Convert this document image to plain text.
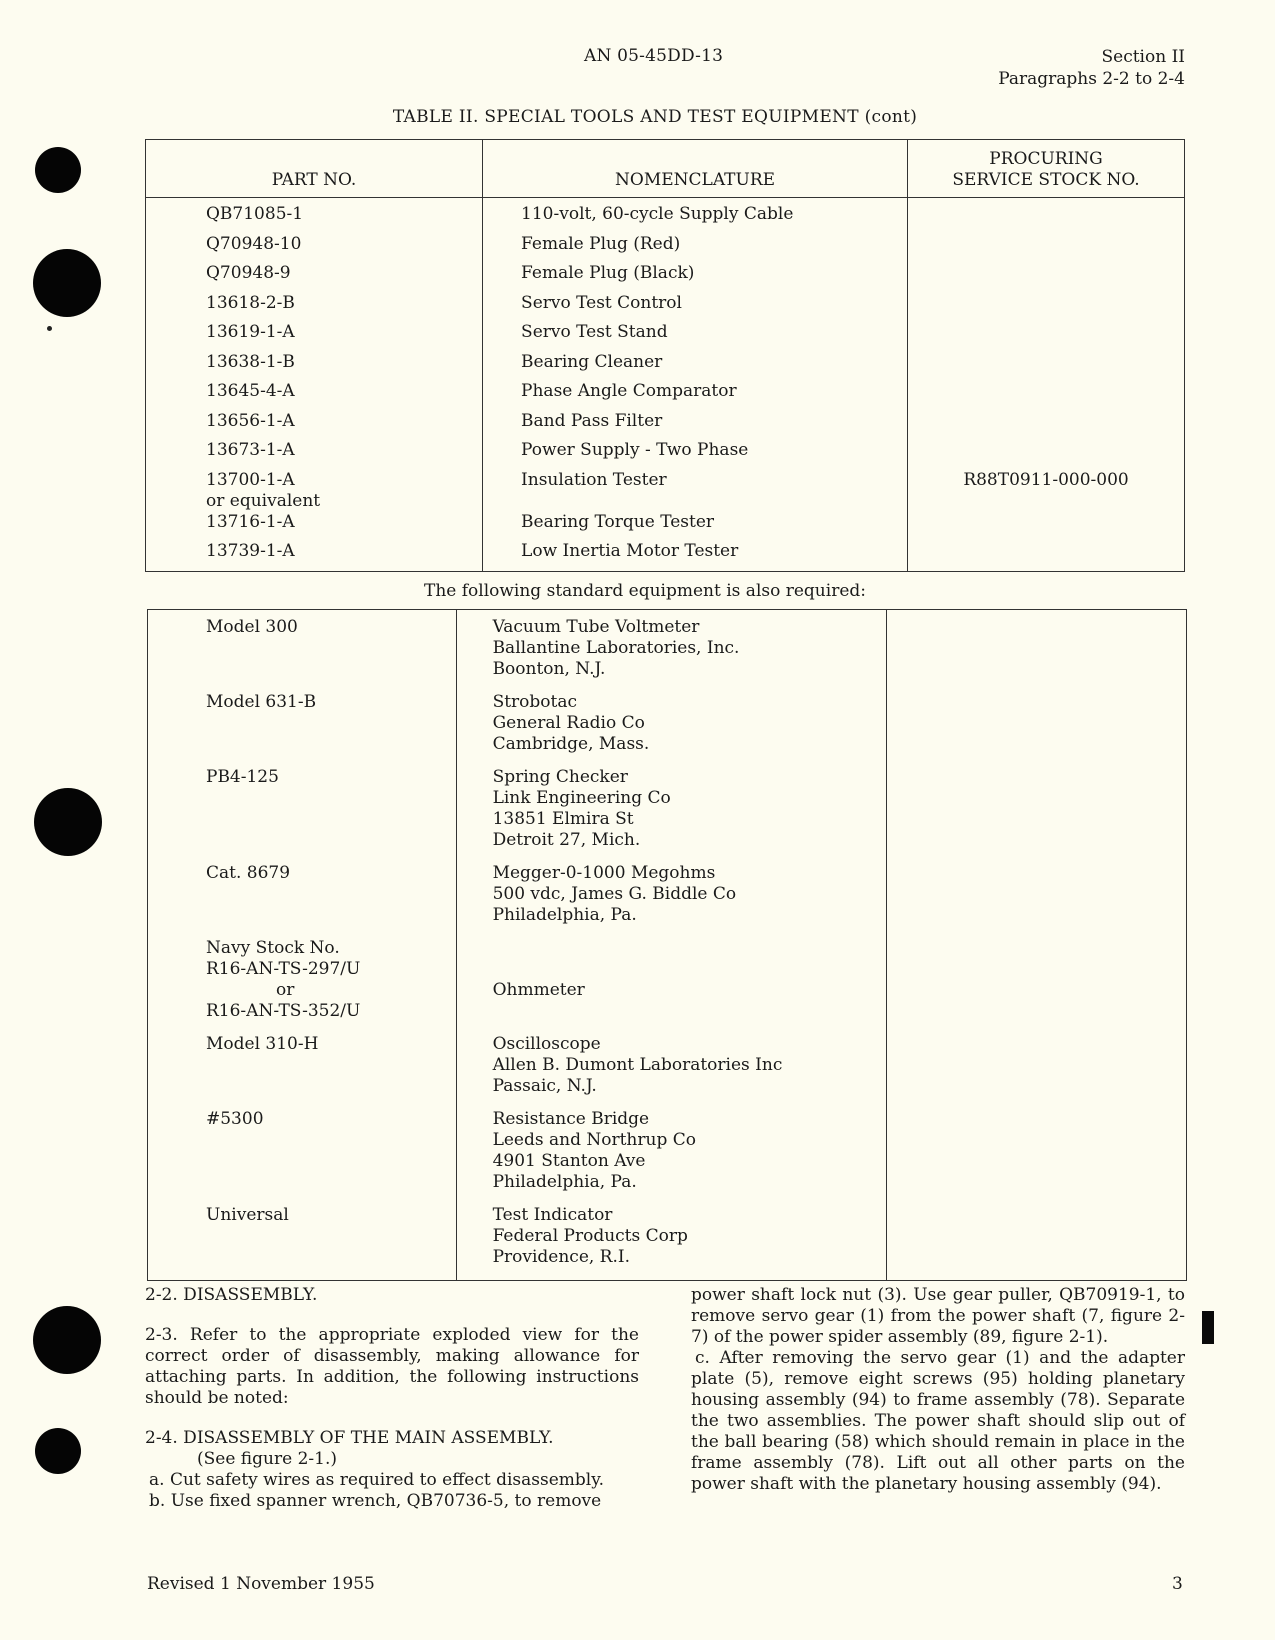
AN 05-45DD-13	Section II
Paragraphs 2-2 to 2-4
TABLE II. SPECIAL TOOLS AND TEST EQUIPMENT (cont)
PART NO.	NOMENCLATURE	PROCURING
SERVICE STOCK NO.

QB71085-1	110-volt, 60-cycle Supply Cable	

Q70948-10	Female Plug (Red)	

Q70948-9	Female Plug (Black)	

13618-2-B	Servo Test Control	

13619-1-A	Servo Test Stand	

13638-1-B	Bearing Cleaner	

13645-4-A	Phase Angle Comparator	

13656-1-A	Band Pass Filter	

13673-1-A	Power Supply - Two Phase	

13700-1-A
or equivalent	Insulation Tester	R88T0911-000-000

13716-1-A	Bearing Torque Tester	

13739-1-A	Low Inertia Motor Tester	
The following standard equipment is also required:
Model 300	Vacuum Tube Voltmeter
Ballantine Laboratories, Inc.
Boonton, N.J.	

Model 631-B	Strobotac
General Radio Co
Cambridge, Mass.	

PB4-125	Spring Checker
Link Engineering Co
13851 Elmira St
Detroit 27, Mich.	

Cat. 8679	Megger-0-1000 Megohms
500 vdc, James G. Biddle Co
Philadelphia, Pa.	

Navy Stock No.
R16-AN-TS-297/U
or
R16-AN-TS-352/U	Ohmmeter	

Model 310-H	Oscilloscope
Allen B. Dumont Laboratories Inc
Passaic, N.J.	

#5300	Resistance Bridge
Leeds and Northrup Co
4901 Stanton Ave
Philadelphia, Pa.	

Universal	Test Indicator
Federal Products Corp
Providence, R.I.	

2-2. DISASSEMBLY.

2-3. Refer to the appropriate exploded view for the correct order of disassembly, making allowance for attaching parts. In addition, the following instructions should be noted:

2-4. DISASSEMBLY OF THE MAIN ASSEMBLY.

(See figure 2-1.)

a. Cut safety wires as required to effect disassembly.

b. Use fixed spanner wrench, QB70736-5, to remove

power shaft lock nut (3). Use gear puller, QB70919-1, to remove servo gear (1) from the power shaft (7, figure 2-7) of the power spider assembly (89, figure 2-1).

c. After removing the servo gear (1) and the adapter plate (5), remove eight screws (95) holding planetary housing assembly (94) to frame assembly (78). Separate the two assemblies. The power shaft should slip out of the ball bearing (58) which should remain in place in the frame assembly (78). Lift out all other parts on the power shaft with the planetary housing assembly (94).

Revised 1 November 1955	3
